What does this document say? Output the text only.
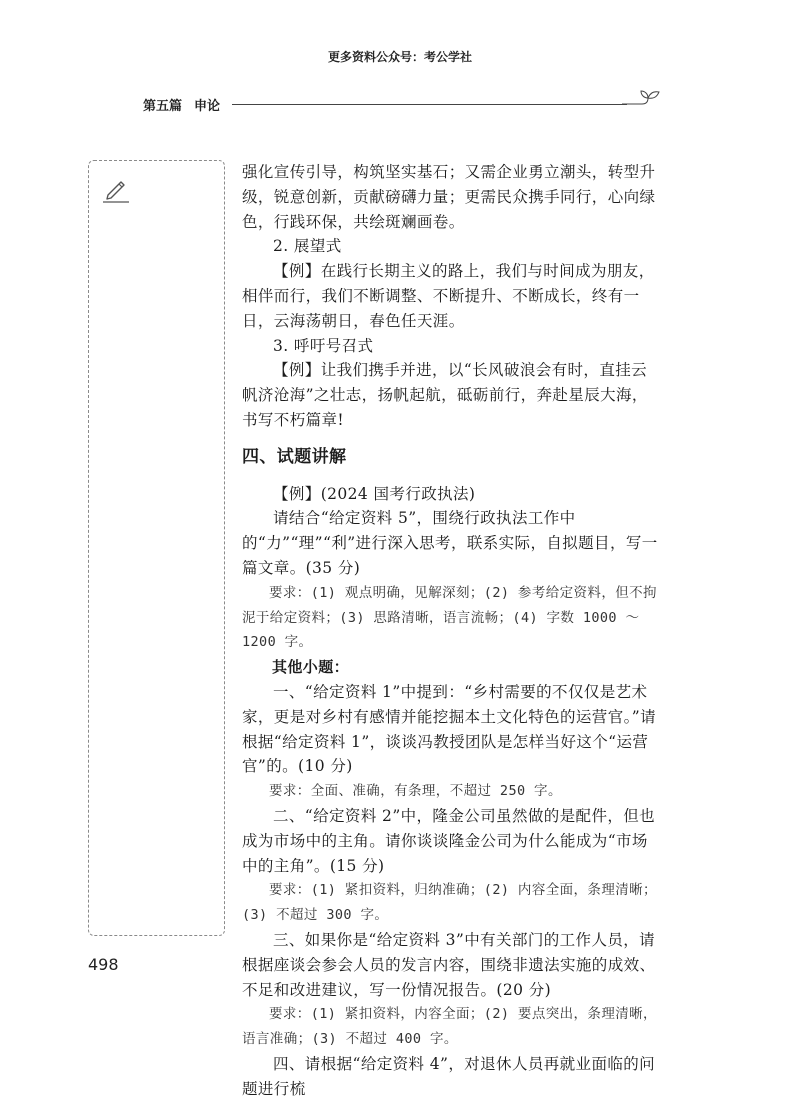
更多资料公众号：考公学社
第五篇 申论

强化宣传引导，构筑坚实基石；又需企业勇立潮头，转型升级，锐意创新，贡献磅礴力量；更需民众携手同行，心向绿色，行践环保，共绘斑斓画卷。

2. 展望式

【例】在践行长期主义的路上，我们与时间成为朋友，相伴而行，我们不断调整、不断提升、不断成长，终有一日，云海荡朝日，春色任天涯。

3. 呼吁号召式

【例】让我们携手并进，以“长风破浪会有时，直挂云帆济沧海”之壮志，扬帆起航，砥砺前行，奔赴星辰大海，书写不朽篇章!

四、试题讲解

【例】(2024 国考行政执法)

请结合“给定资料 5”，围绕行政执法工作中的“力”“理”“利”进行深入思考，联系实际，自拟题目，写一篇文章。(35 分)

要求：(1) 观点明确，见解深刻；(2) 参考给定资料，但不拘泥于给定资料；(3) 思路清晰，语言流畅；(4) 字数 1000 ～ 1200 字。

其他小题：

一、“给定资料 1”中提到：“乡村需要的不仅仅是艺术家，更是对乡村有感情并能挖掘本土文化特色的运营官。”请根据“给定资料 1”，谈谈冯教授团队是怎样当好这个“运营官”的。(10 分)

要求：全面、准确，有条理，不超过 250 字。

二、“给定资料 2”中，隆金公司虽然做的是配件，但也成为市场中的主角。请你谈谈隆金公司为什么能成为“市场中的主角”。(15 分)

要求：(1) 紧扣资料，归纳准确；(2) 内容全面，条理清晰；(3) 不超过 300 字。

三、如果你是“给定资料 3”中有关部门的工作人员，请根据座谈会参会人员的发言内容，围绕非遗法实施的成效、不足和改进建议，写一份情况报告。(20 分)

要求：(1) 紧扣资料，内容全面；(2) 要点突出，条理清晰，语言准确；(3) 不超过 400 字。

四、请根据“给定资料 4”，对退休人员再就业面临的问题进行梳

498
